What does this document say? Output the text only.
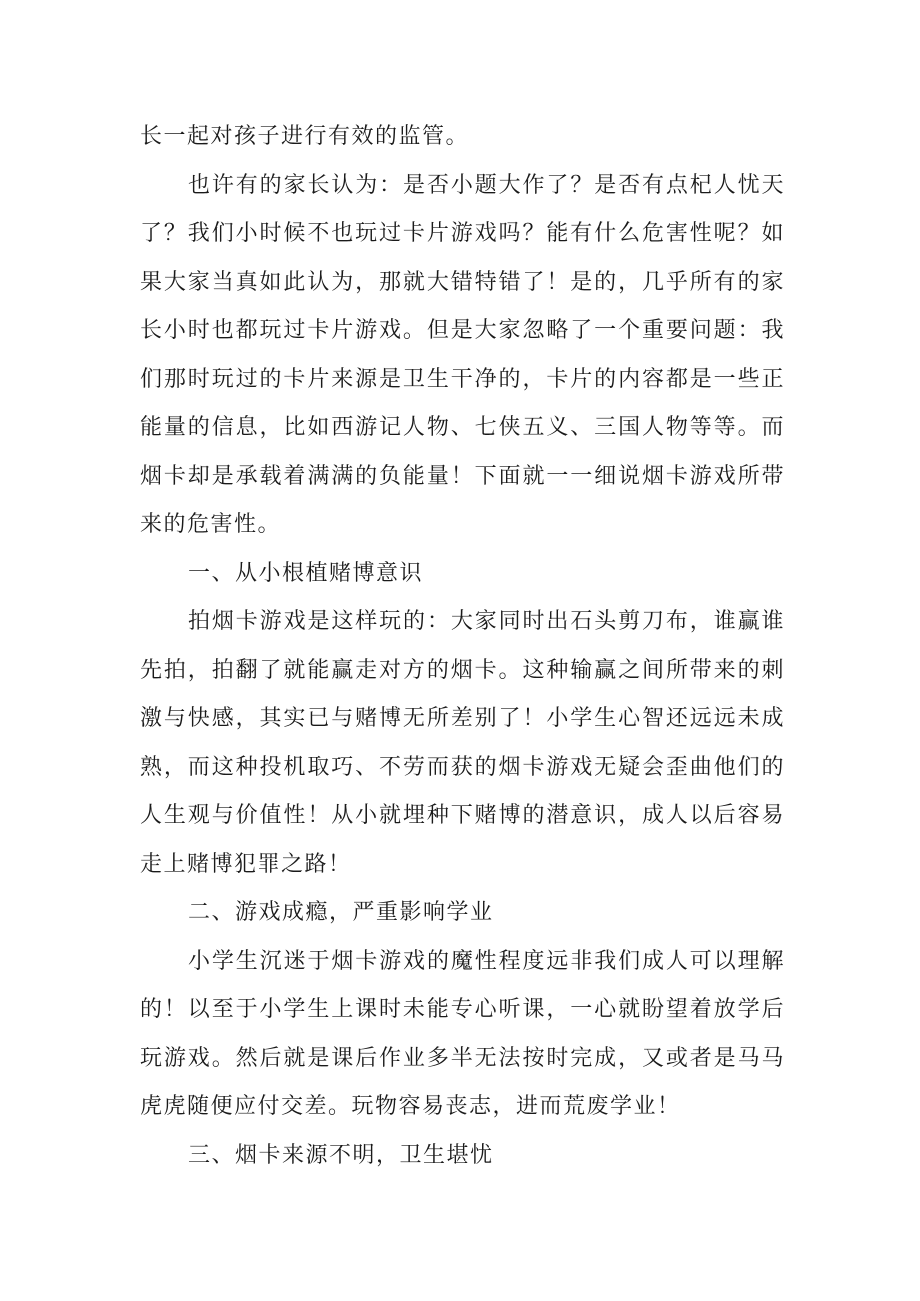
长一起对孩子进行有效的监管。

也许有的家长认为：是否小题大作了？是否有点杞人忧天了？我们小时候不也玩过卡片游戏吗？能有什么危害性呢？如果大家当真如此认为，那就大错特错了！是的，几乎所有的家长小时也都玩过卡片游戏。但是大家忽略了一个重要问题：我们那时玩过的卡片来源是卫生干净的，卡片的内容都是一些正能量的信息，比如西游记人物、七侠五义、三国人物等等。而烟卡却是承载着满满的负能量！下面就一一细说烟卡游戏所带来的危害性。

一、从小根植赌博意识

拍烟卡游戏是这样玩的：大家同时出石头剪刀布，谁赢谁先拍，拍翻了就能赢走对方的烟卡。这种输赢之间所带来的刺激与快感，其实已与赌博无所差别了！小学生心智还远远未成熟，而这种投机取巧、不劳而获的烟卡游戏无疑会歪曲他们的人生观与价值性！从小就埋种下赌博的潜意识，成人以后容易走上赌博犯罪之路！

二、游戏成瘾，严重影响学业

小学生沉迷于烟卡游戏的魔性程度远非我们成人可以理解的！以至于小学生上课时未能专心听课，一心就盼望着放学后玩游戏。然后就是课后作业多半无法按时完成，又或者是马马虎虎随便应付交差。玩物容易丧志，进而荒废学业！

三、烟卡来源不明，卫生堪忧
